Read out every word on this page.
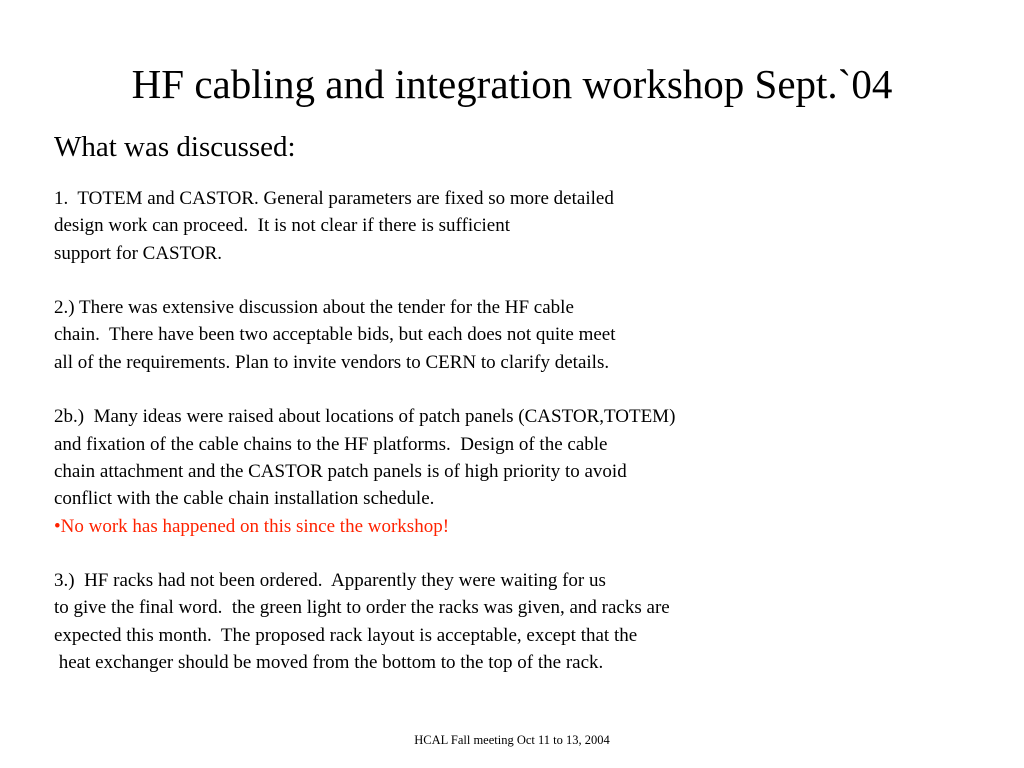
HF cabling and integration workshop Sept.`04
What was discussed:
1.  TOTEM and CASTOR. General parameters are fixed so more detailed
design work can proceed.  It is not clear if there is sufficient
support for CASTOR.
2.) There was extensive discussion about the tender for the HF cable
chain.  There have been two acceptable bids, but each does not quite meet
all of the requirements. Plan to invite vendors to CERN to clarify details.
2b.)  Many ideas were raised about locations of patch panels (CASTOR,TOTEM)
and fixation of the cable chains to the HF platforms.  Design of the cable
chain attachment and the CASTOR patch panels is of high priority to avoid
conflict with the cable chain installation schedule.
•No work has happened on this since the workshop!
3.)  HF racks had not been ordered.  Apparently they were waiting for us
to give the final word.  the green light to order the racks was given, and racks are
expected this month.  The proposed rack layout is acceptable, except that the
heat exchanger should be moved from the bottom to the top of the rack.
HCAL Fall meeting Oct 11 to 13, 2004
